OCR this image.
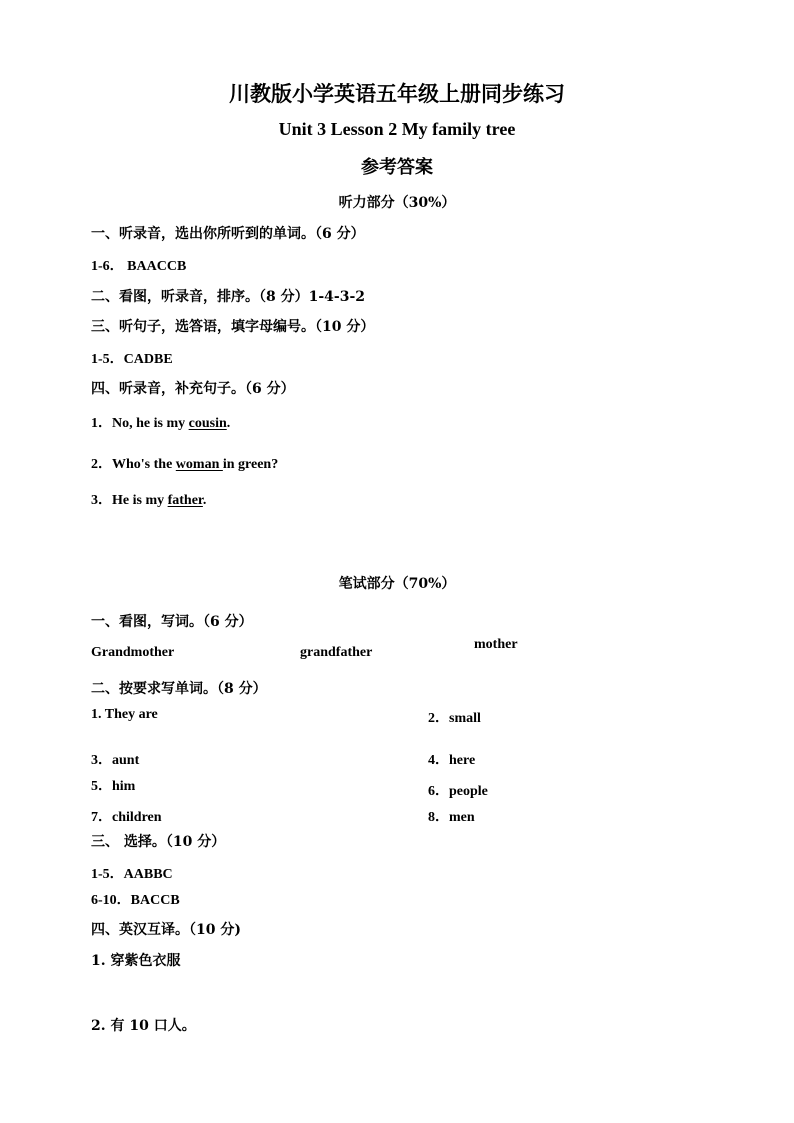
川教版小学英语五年级上册同步练习
Unit 3 Lesson 2 My family tree
参考答案
听力部分（30%）
一、听录音，选出你所听到的单词。（6 分）
1-6． BAACCB
二、看图，听录音，排序。（8 分）1-4-3-2
三、听句子，选答语，填字母编号。（10 分）
1-5．CADBE
四、听录音，补充句子。（6 分）
1．No, he is my cousin.
2．Who's the woman in green?
3．He is my father.
笔试部分（70%）
一、看图，写词。（6 分）
Grandmother	grandfather
mother
二、按要求写单词。（8 分）
1. They are	2．small
3．aunt	4．here
5．him	6．people
7．children	8．men
三、 选择。（10 分）
1-5．AABBC
6-10．BACCB
四、英汉互译。（10 分)
1. 穿紫色衣服
2. 有 10 口人。
